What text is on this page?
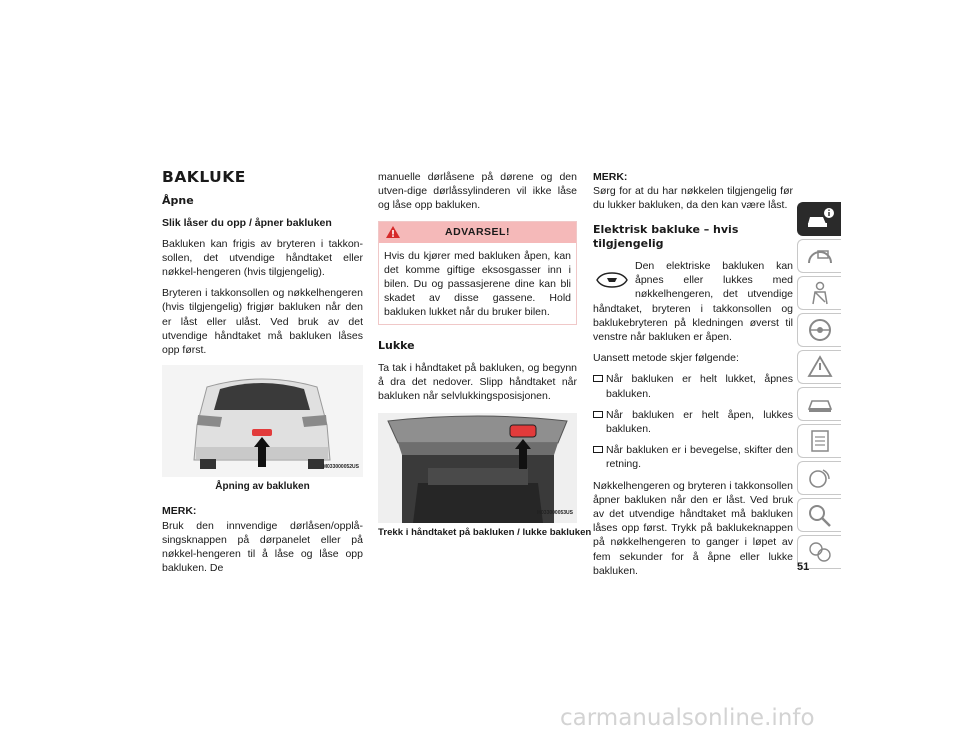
BAKLUKE
Åpne
Slik låser du opp / åpner bakluken

Bakluken kan frigis av bryteren i takkon-sollen, det utvendige håndtaket eller nøkkel-hengeren (hvis tilgjengelig).

Bryteren i takkonsollen og nøkkelhengeren (hvis tilgjengelig) frigjør bakluken når den er låst eller ulåst. Ved bruk av det utvendige håndtaket må bakluken låses opp først.

M033000052US
Åpning av bakluken
MERK:

Bruk den innvendige dørlåsen/opplå-singsknappen på dørpanelet eller på nøkkel-hengeren til å låse og låse opp bakluken. De

manuelle dørlåsene på dørene og den utven-dige dørlåssylinderen vil ikke låse og låse opp bakluken.

ADVARSEL!

Hvis du kjører med bakluken åpen, kan det komme giftige eksosgasser inn i bilen. Du og passasjerene dine kan bli skadet av disse gassene. Hold bakluken lukket når du bruker bilen.

Lukke

Ta tak i håndtaket på bakluken, og begynn å dra det nedover. Slipp håndtaket når bakluken når selvlukkingsposisjonen.

M033000053US
Trekk i håndtaket på bakluken / lukke bakluken
MERK:

Sørg for at du har nøkkelen tilgjengelig før du lukker bakluken, da den kan være låst.

Elektrisk bakluke – hvis tilgjengelig

Den elektriske bakluken kan åpnes eller lukkes med nøkkelhengeren, det utvendige håndtaket, bryteren i takkonsollen og baklukebryteren på kledningen øverst til venstre når bakluken er åpen.

Uansett metode skjer følgende:

Når bakluken er helt lukket, åpnes bakluken.
Når bakluken er helt åpen, lukkes bakluken.
Når bakluken er i bevegelse, skifter den retning.

Nøkkelhengeren og bryteren i takkonsollen åpner bakluken når den er låst. Ved bruk av det utvendige håndtaket må bakluken låses opp først. Trykk på baklukeknappen på nøkkelhengeren to ganger i løpet av fem sekunder for å åpne eller lukke bakluken.	51
carmanualsonline.info
